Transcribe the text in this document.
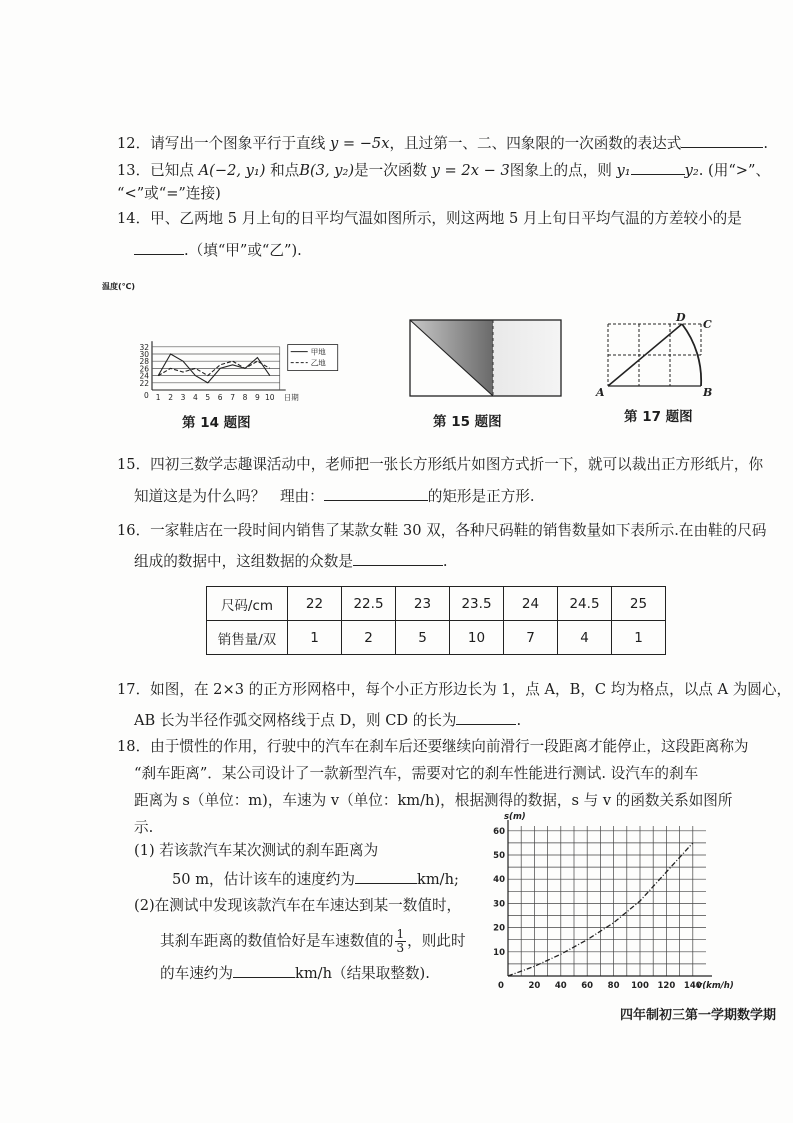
12．请写出一个图象平行于直线 y = −5x，且过第一、二、四象限的一次函数的表达式	.
13．已知点 A(−2, y₁) 和点B(3, y₂)是一次函数 y = 2x − 3图象上的点，则 y₁	y₂. (用“>”、
“<”或“=”连接)
14．甲、乙两地 5 月上旬的日平均气温如图所示，则这两地 5 月上旬日平均气温的方差较小的是
.（填“甲”或“乙”).
22
24
26
28
30
32
1 2 3 4 5 6 7 8 9 10
0	日期
温度(℃)
甲地
乙地
第 14 题图	第 15 题图
A	B
C
D
第 17 题图
15．四初三数学志趣课活动中，老师把一张长方形纸片如图方式折一下，就可以裁出正方形纸片，你
知道这是为什么吗？　理由：	的矩形是正方形.
16．一家鞋店在一段时间内销售了某款女鞋 30 双，各种尺码鞋的销售数量如下表所示.在由鞋的尺码
组成的数据中，这组数据的众数是	.
尺码/cm	22	22.5	23	23.5	24	24.5	25
销售量/双	1	2	5	10	7	4	1
17．如图，在 2×3 的正方形网格中，每个小正方形边长为 1，点 A，B，C 均为格点，以点 A 为圆心，
AB 长为半径作弧交网格线于点 D，则 CD 的长为	.
18．由于惯性的作用，行驶中的汽车在刹车后还要继续向前滑行一段距离才能停止，这段距离称为
“刹车距离”．某公司设计了一款新型汽车，需要对它的刹车性能进行测试. 设汽车的刹车
距离为 s（单位：m)，车速为 v（单位：km/h)，根据测得的数据，s 与 v 的函数关系如图所
示.
(1) 若该款汽车某次测试的刹车距离为
50 m，估计该车的速度约为	km/h;
(2)在测试中发现该款汽车在车速达到某一数值时，
其刹车距离的数值恰好是车速数值的 $\frac{1}{3}$ ，则此时
的车速约为	km/h（结果取整数).
20 40 60 80 100 120 140
10
20
30
40
50
60
0
s(m)
v(km/h)
四年制初三第一学期数学期
